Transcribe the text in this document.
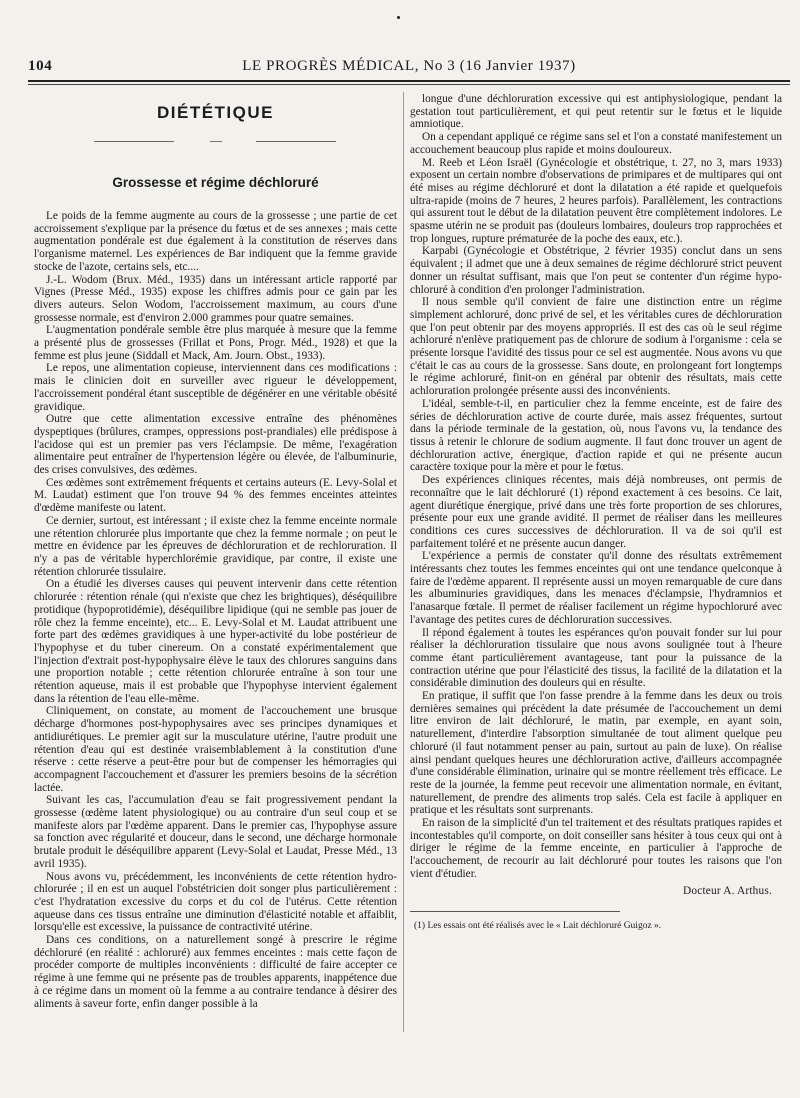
104	LE PROGRÈS MÉDICAL, No 3 (16 Janvier 1937)
DIÉTÉTIQUE
—
Grossesse et régime déchloruré

Le poids de la femme augmente au cours de la grossesse ; une partie de cet accroissement s'explique par la présence du fœtus et de ses annexes ; mais cette augmentation pondérale est due également à la constitution de réserves dans l'organisme maternel. Les expériences de Bar indiquent que la femme gravide stocke de l'azote, certains sels, etc....

J.-L. Wodom (Brux. Méd., 1935) dans un intéressant article rapporté par Vignes (Presse Méd., 1935) expose les chiffres admis pour ce gain par les divers auteurs. Selon Wodom, l'accroissement maximum, au cours d'une grossesse normale, est d'environ 2.000 grammes pour quatre semaines.

L'augmentation pondérale semble être plus marquée à mesure que la femme a présenté plus de grossesses (Frillat et Pons, Progr. Méd., 1928) et que la femme est plus jeune (Siddall et Mack, Am. Journ. Obst., 1933).

Le repos, une alimentation copieuse, interviennent dans ces modifications : mais le clinicien doit en surveiller avec rigueur le développement, l'accroissement pondéral étant susceptible de dégénérer en une véritable obésité gravidique.

Outre que cette alimentation excessive entraîne des phénomènes dyspeptiques (brûlures, crampes, oppressions post-prandiales) elle prédispose à l'acidose qui est un premier pas vers l'éclampsie. De même, l'exagération alimentaire peut entraîner de l'hypertension légère ou élevée, de l'albuminurie, des crises convulsives, des œdèmes.

Ces œdèmes sont extrêmement fréquents et certains auteurs (E. Levy-Solal et M. Laudat) estiment que l'on trouve 94 % des femmes enceintes atteintes d'œdème manifeste ou latent.

Ce dernier, surtout, est intéressant ; il existe chez la femme enceinte normale une rétention chlorurée plus importante que chez la femme normale ; on peut le mettre en évidence par les épreuves de déchloruration et de rechloruration. Il n'y a pas de véritable hyperchlorémie gravidique, par contre, il existe une rétention chlorurée tissulaire.

On a étudié les diverses causes qui peuvent intervenir dans cette rétention chlorurée : rétention rénale (qui n'existe que chez les brightiques), déséquilibre protidique (hypoprotidémie), déséquilibre lipidique (qui ne semble pas jouer de rôle chez la femme enceinte), etc... E. Levy-Solal et M. Laudat attribuent une forte part des œdèmes gravidiques à une hyper-activité du lobe postérieur de l'hypophyse et du tuber cinereum. On a constaté expérimentalement que l'injection d'extrait post-hypophysaire élève le taux des chlorures sanguins dans une proportion notable ; cette rétention chlorurée entraîne à son tour une rétention aqueuse, mais il est probable que l'hypophyse intervient également dans la rétention de l'eau elle-même.

Cliniquement, on constate, au moment de l'accouchement une brusque décharge d'hormones post-hypophysaires avec ses principes dynamiques et antidiurétiques. Le premier agit sur la musculature utérine, l'autre produit une rétention d'eau qui est destinée vraisemblablement à la constitution d'une réserve : cette réserve a peut-être pour but de compenser les hémorragies qui accompagnent l'accouchement et d'assurer les premiers besoins de la sécrétion lactée.

Suivant les cas, l'accumulation d'eau se fait progressivement pendant la grossesse (œdème latent physiologique) ou au contraire d'un seul coup et se manifeste alors par l'œdème apparent. Dans le premier cas, l'hypophyse assure sa fonction avec régularité et douceur, dans le second, une décharge hormonale brutale produit le déséquilibre apparent (Levy-Solal et Laudat, Presse Méd., 13 avril 1935).

Nous avons vu, précédemment, les inconvénients de cette rétention hydro-chlorurée ; il en est un auquel l'obstétricien doit songer plus particulièrement : c'est l'hydratation excessive du corps et du col de l'utérus. Cette rétention aqueuse dans ces tissus entraîne une diminution d'élasticité notable et affaiblit, lorsqu'elle est excessive, la puissance de contractivité utérine.

Dans ces conditions, on a naturellement songé à prescrire le régime déchloruré (en réalité : achloruré) aux femmes enceintes : mais cette façon de procéder comporte de multiples inconvénients : difficulté de faire accepter ce régime à une femme qui ne présente pas de troubles apparents, inappétence due à ce régime dans un moment où la femme a au contraire tendance à désirer des aliments à saveur forte, enfin danger possible à la

longue d'une déchloruration excessive qui est antiphysiologique, pendant la gestation tout particulièrement, et qui peut retentir sur le fœtus et le liquide amniotique.

On a cependant appliqué ce régime sans sel et l'on a constaté manifestement un accouchement beaucoup plus rapide et moins douloureux.

M. Reeb et Léon Israël (Gynécologie et obstétrique, t. 27, no 3, mars 1933) exposent un certain nombre d'observations de primipares et de multipares qui ont été mises au régime déchloruré et dont la dilatation a été rapide et quelquefois ultra-rapide (moins de 7 heures, 2 heures parfois). Parallèlement, les contractions qui assurent tout le début de la dilatation peuvent être complètement indolores. Le spasme utérin ne se produit pas (douleurs lombaires, douleurs trop rapprochées et trop longues, rupture prématurée de la poche des eaux, etc.).

Karpabi (Gynécologie et Obstétrique, 2 février 1935) conclut dans un sens équivalent ; il admet que une à deux semaines de régime déchloruré strict peuvent donner un résultat suffisant, mais que l'on peut se contenter d'un régime hypo-chloruré à condition d'en prolonger l'administration.

Il nous semble qu'il convient de faire une distinction entre un régime simplement achloruré, donc privé de sel, et les véritables cures de déchloruration que l'on peut obtenir par des moyens appropriés. Il est des cas où le seul régime achloruré n'enlève pratiquement pas de chlorure de sodium à l'organisme : cela se présente lorsque l'avidité des tissus pour ce sel est augmentée. Nous avons vu que c'était le cas au cours de la grossesse. Sans doute, en prolongeant fort longtemps le régime achloruré, finit-on en général par obtenir des résultats, mais cette achloruration prolongée présente aussi des inconvénients.

L'idéal, semble-t-il, en particulier chez la femme enceinte, est de faire des séries de déchloruration active de courte durée, mais assez fréquentes, surtout dans la période terminale de la gestation, où, nous l'avons vu, la tendance des tissus à retenir le chlorure de sodium augmente. Il faut donc trouver un agent de déchloruration active, énergique, d'action rapide et qui ne présente aucun caractère toxique pour la mère et pour le fœtus.

Des expériences cliniques récentes, mais déjà nombreuses, ont permis de reconnaître que le lait déchloruré (1) répond exactement à ces besoins. Ce lait, agent diurétique énergique, privé dans une très forte proportion de ses chlorures, présente pour eux une grande avidité. Il permet de réaliser dans les meilleures conditions ces cures successives de déchloruration. Il va de soi qu'il est parfaitement toléré et ne présente aucun danger.

L'expérience a permis de constater qu'il donne des résultats extrêmement intéressants chez toutes les femmes enceintes qui ont une tendance quelconque à faire de l'œdème apparent. Il représente aussi un moyen remarquable de cure dans les albuminuries gravidiques, dans les menaces d'éclampsie, l'hydramnios et l'anasarque fœtale. Il permet de réaliser facilement un régime hypochloruré avec l'avantage des petites cures de déchloruration successives.

Il répond également à toutes les espérances qu'on pouvait fonder sur lui pour réaliser la déchloruration tissulaire que nous avons soulignée tout à l'heure comme étant particulièrement avantageuse, tant pour la puissance de la contraction utérine que pour l'élasticité des tissus, la facilité de la dilatation et la considérable diminution des douleurs qui en résulte.

En pratique, il suffit que l'on fasse prendre à la femme dans les deux ou trois dernières semaines qui précèdent la date présumée de l'accouchement un demi litre environ de lait déchloruré, le matin, par exemple, en ayant soin, naturellement, d'interdire l'absorption simultanée de tout aliment quelque peu chloruré (il faut notamment penser au pain, surtout au pain de luxe). On réalise ainsi pendant quelques heures une déchloruration active, d'ailleurs accompagnée d'une considérable élimination, urinaire qui se montre réellement très efficace. Le reste de la journée, la femme peut recevoir une alimentation normale, en évitant, naturellement, de prendre des aliments trop salés. Cela est facile à appliquer en pratique et les résultats sont surprenants.

En raison de la simplicité d'un tel traitement et des résultats pratiques rapides et incontestables qu'il comporte, on doit conseiller sans hésiter à tous ceux qui ont à diriger le régime de la femme enceinte, en particulier à l'approche de l'accouchement, de recourir au lait déchloruré pour toutes les raisons que l'on vient d'étudier.

Docteur A. Arthus.

(1) Les essais ont été réalisés avec le « Lait déchloruré Guigoz ».
